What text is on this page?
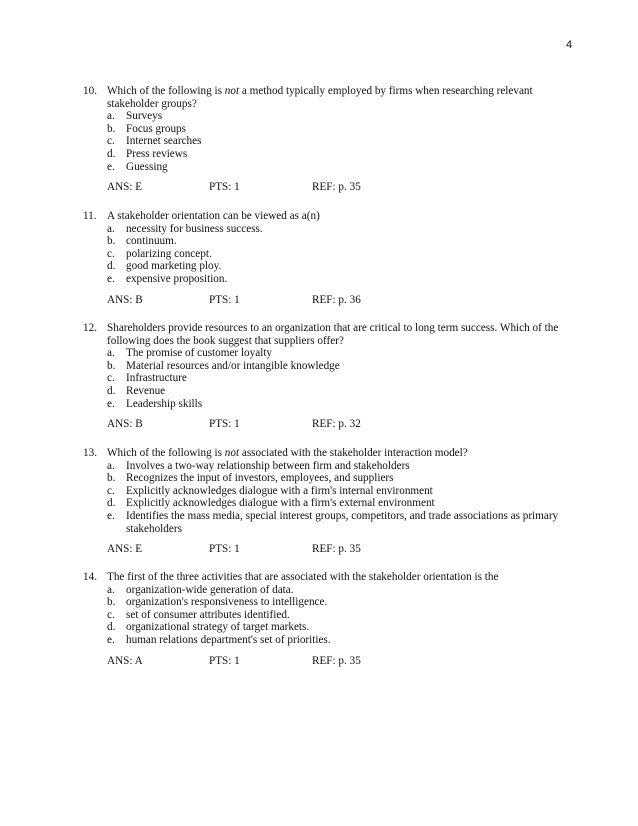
4
10. Which of the following is not a method typically employed by firms when researching relevant stakeholder groups?
a.	Surveys
b. Focus groups
c.	Internet searches
d. Press reviews
e.	Guessing
ANS: E	PTS: 1	REF: p. 35
11. A stakeholder orientation can be viewed as a(n)
a.	necessity for business success.
b. continuum.
c.	polarizing concept.
d. good marketing ploy.
e.	expensive proposition.
ANS: B	PTS: 1	REF: p. 36
12. Shareholders provide resources to an organization that are critical to long term success. Which of the following does the book suggest that suppliers offer?
a.	The promise of customer loyalty
b. Material resources and/or intangible knowledge
c.	Infrastructure
d. Revenue
e.	Leadership skills
ANS: B	PTS: 1	REF: p. 32
13. Which of the following is not associated with the stakeholder interaction model?
a.	Involves a two-way relationship between firm and stakeholders
b. Recognizes the input of investors, employees, and suppliers
c.	Explicitly acknowledges dialogue with a firm's internal environment
d. Explicitly acknowledges dialogue with a firm's external environment
e.	Identifies the mass media, special interest groups, competitors, and trade associations as primary stakeholders
ANS: E	PTS: 1	REF: p. 35
14. The first of the three activities that are associated with the stakeholder orientation is the
a.	organization-wide generation of data.
b. organization's responsiveness to intelligence.
c.	set of consumer attributes identified.
d. organizational strategy of target markets.
e.	human relations department's set of priorities.
ANS: A	PTS: 1	REF: p. 35
